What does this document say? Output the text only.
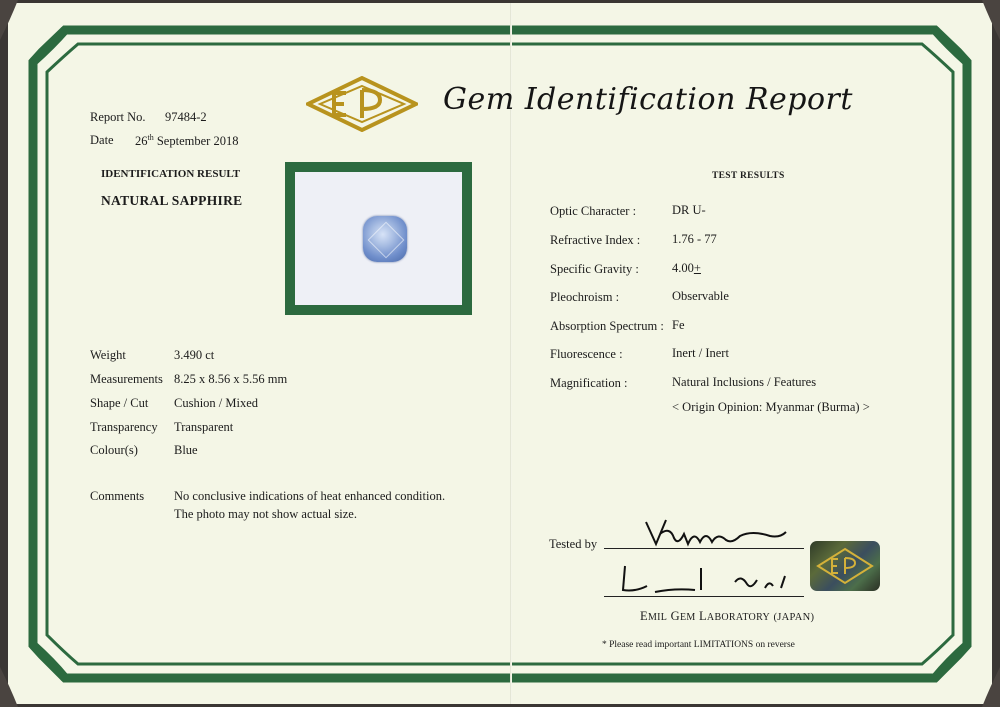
Gem Identification Report
Report No. 97484-2
Date 26th September 2018
IDENTIFICATION RESULT
NATURAL SAPPHIRE
Weight	3.490 ct
Measurements 8.25 x 8.56 x 5.56 mm
Shape / Cut Cushion / Mixed
Transparency Transparent
Colour(s)	Blue
Comments No conclusive indications of heat enhanced condition.
The photo may not show actual size.
TEST RESULTS
Optic Character :	DR U-
Refractive Index :	1.76 - 77
Specific Gravity :	4.00+
Pleochroism :	Observable
Absorption Spectrum : Fe
Fluorescence :	Inert / Inert
Magnification :	Natural Inclusions / Features
< Origin Opinion: Myanmar (Burma) >
Tested by
EMIL GEM LABORATORY (JAPAN)
* Please read important LIMITATIONS on reverse
